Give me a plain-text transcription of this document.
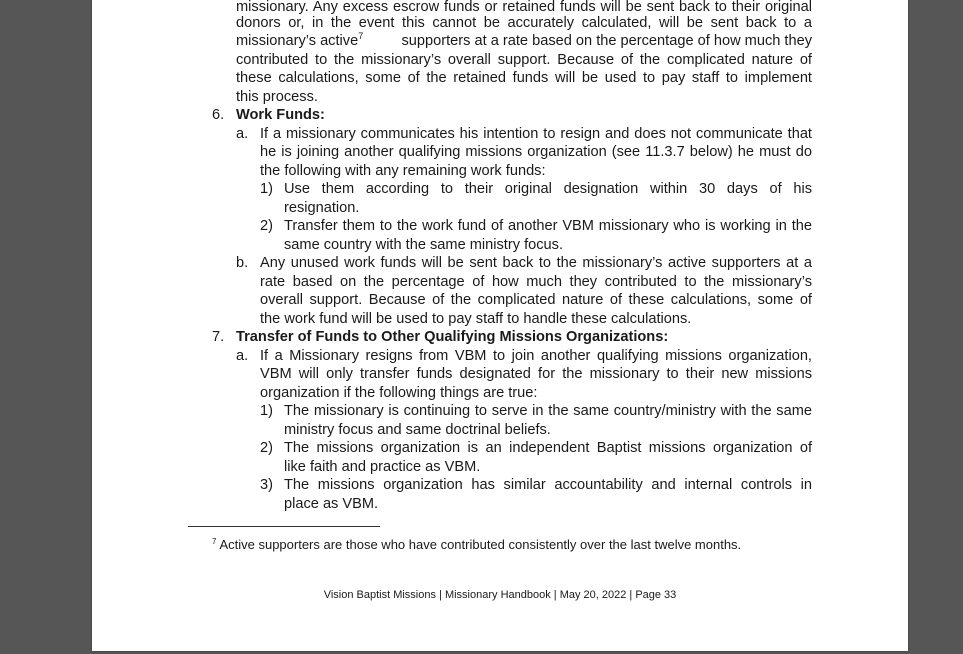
missionary. Any excess escrow funds or retained funds will be sent back to their original
donors or, in the event this cannot be accurately calculated, will be sent back to a
missionary’s active$^7$	supporters at a rate based on the percentage of how much they
contributed to the missionary’s overall support. Because of the complicated nature of
these calculations, some of the retained funds will be used to pay staff to implement
this process.
6. Work Funds:
a. If a missionary communicates his intention to resign and does not communicate that
he is joining another qualifying missions organization (see 11.3.7 below) he must do
the following with any remaining work funds:
1) Use them according to their original designation within 30 days of his
resignation.
2) Transfer them to the work fund of another VBM missionary who is working in the
same country with the same ministry focus.
b. Any unused work funds will be sent back to the missionary’s active supporters at a
rate based on the percentage of how much they contributed to the missionary’s
overall support. Because of the complicated nature of these calculations, some of
the work fund will be used to pay staff to handle these calculations.
7. Transfer of Funds to Other Qualifying Missions Organizations:
a. If a Missionary resigns from VBM to join another qualifying missions organization,
VBM will only transfer funds designated for the missionary to their new missions
organization if the following things are true:
1) The missionary is continuing to serve in the same country/ministry with the same
ministry focus and same doctrinal beliefs.
2) The missions organization is an independent Baptist missions organization of
like faith and practice as VBM.
3) The missions organization has similar accountability and internal controls in
place as VBM.
$^7$ Active supporters are those who have contributed consistently over the last twelve months.
Vision Baptist Missions | Missionary Handbook | May 20, 2022 | Page 33
